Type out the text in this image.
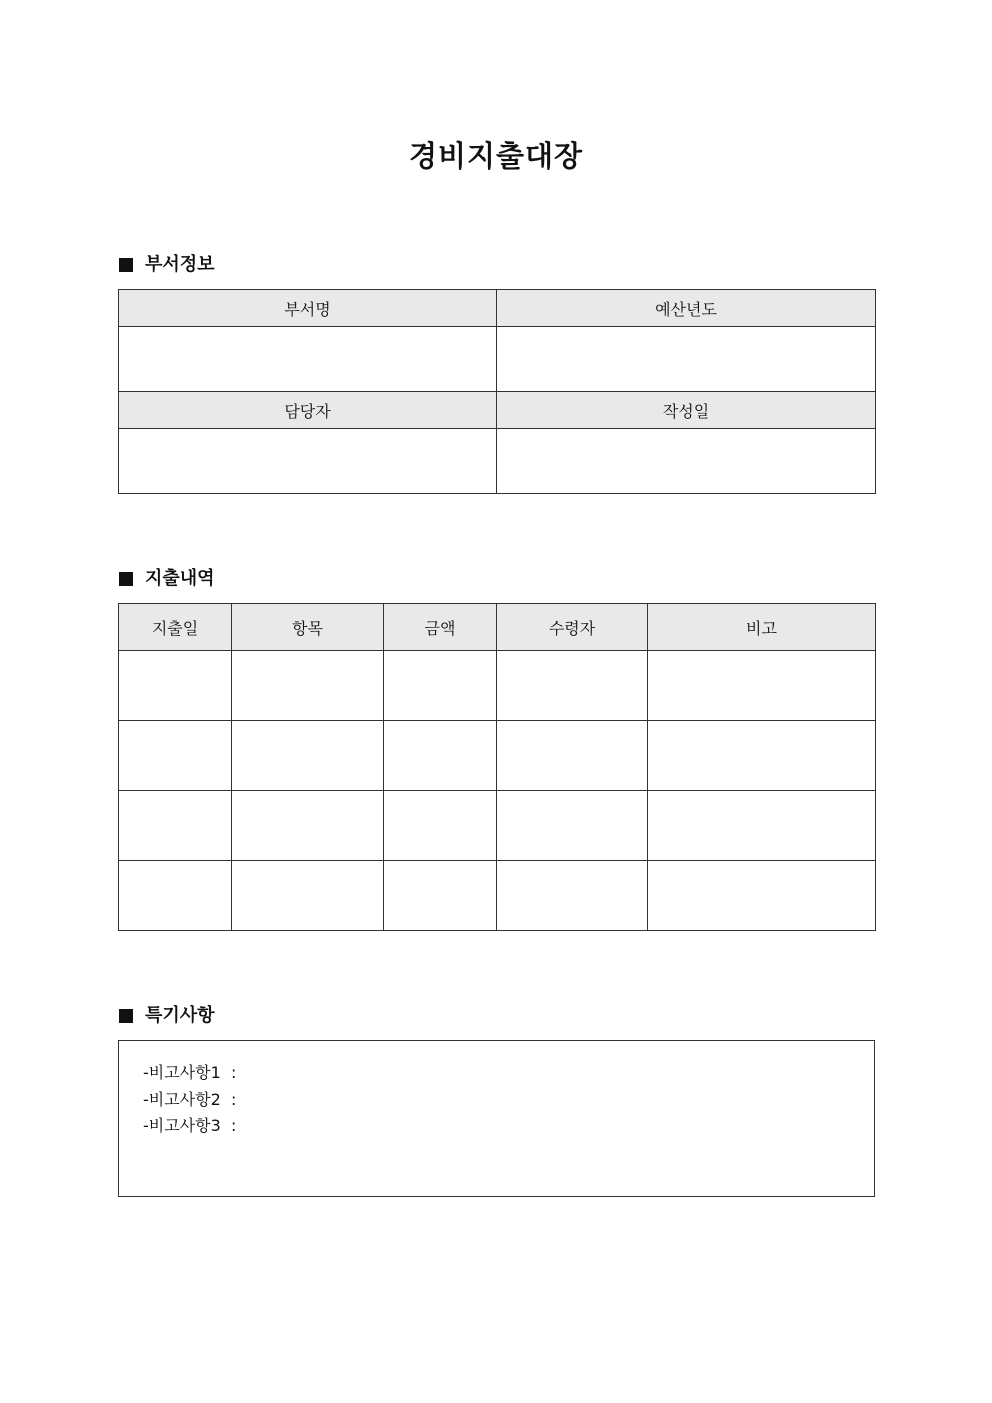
경비지출대장
부서정보
부서명	예산년도

담당자	작성일

지출내역
지출일	항목	금액	수령자	비고

특기사항
-비고사항1  :
-비고사항2  :
-비고사항3  :
